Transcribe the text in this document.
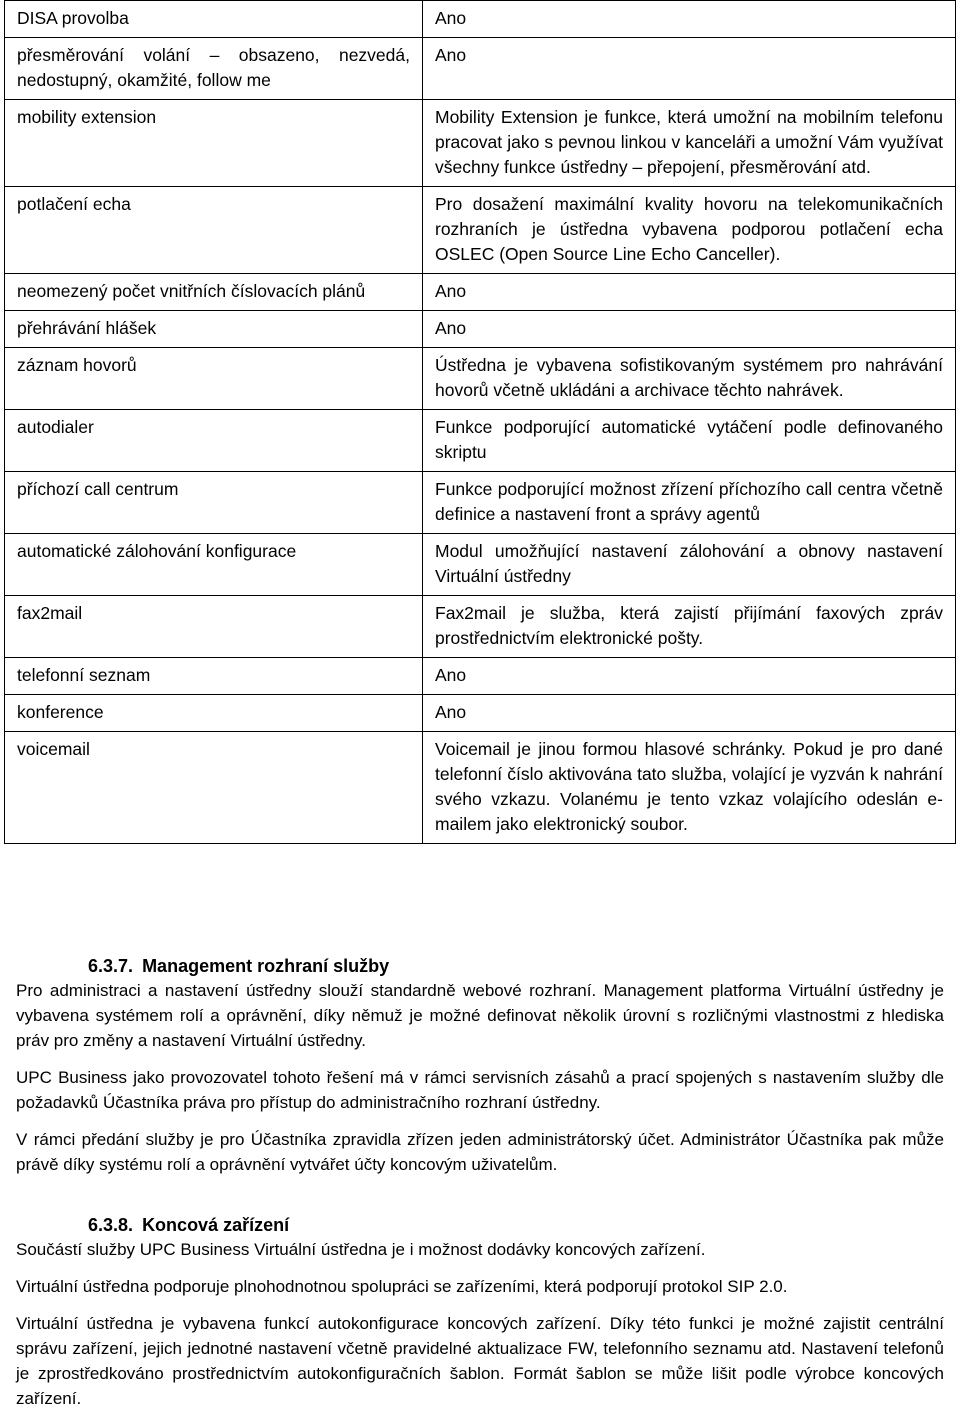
DISA provolba	Ano
přesměrování volání – obsazeno, nezvedá, nedostupný, okamžité, follow me	Ano
mobility extension	Mobility Extension je funkce, která umožní na mobilním telefonu pracovat jako s pevnou linkou v kanceláři a umožní Vám využívat všechny funkce ústředny – přepojení, přesměrování atd.
potlačení echa	Pro dosažení maximální kvality hovoru na telekomunikačních rozhraních je ústředna vybavena podporou potlačení echa OSLEC (Open Source Line Echo Canceller).
neomezený počet vnitřních číslovacích plánů	Ano
přehrávání hlášek	Ano
záznam hovorů	Ústředna je vybavena sofistikovaným systémem pro nahrávání hovorů včetně ukládáni a archivace těchto nahrávek.
autodialer	Funkce podporující automatické vytáčení podle definovaného skriptu
příchozí call centrum	Funkce podporující možnost zřízení příchozího call centra včetně definice a nastavení front a správy agentů
automatické zálohování konfigurace	Modul umožňující nastavení zálohování a obnovy nastavení Virtuální ústředny
fax2mail	Fax2mail je služba, která zajistí přijímání faxových zpráv prostřednictvím elektronické pošty.
telefonní seznam	Ano
konference	Ano
voicemail	Voicemail je jinou formou hlasové schránky. Pokud je pro dané telefonní číslo aktivována tato služba, volající je vyzván k nahrání svého vzkazu. Volanému je tento vzkaz volajícího odeslán e-mailem jako elektronický soubor.
6.3.7. Management rozhraní služby

Pro administraci a nastavení ústředny slouží standardně webové rozhraní. Management platforma Virtuální ústředny je vybavena systémem rolí a oprávnění, díky němuž je možné definovat několik úrovní s rozličnými vlastnostmi z hlediska práv pro změny a nastavení Virtuální ústředny.

UPC Business jako provozovatel tohoto řešení má v rámci servisních zásahů a prací spojených s nastavením služby dle požadavků Účastníka práva pro přístup do administračního rozhraní ústředny.

V rámci předání služby je pro Účastníka zpravidla zřízen jeden administrátorský účet. Administrátor Účastníka pak může právě díky systému rolí a oprávnění vytvářet účty koncovým uživatelům.

6.3.8. Koncová zařízení

Součástí služby UPC Business Virtuální ústředna je i možnost dodávky koncových zařízení.

Virtuální ústředna podporuje plnohodnotnou spolupráci se zařízeními, která podporují protokol SIP 2.0.

Virtuální ústředna je vybavena funkcí autokonfigurace koncových zařízení. Díky této funkci je možné zajistit centrální správu zařízení, jejich jednotné nastavení včetně pravidelné aktualizace FW, telefonního seznamu atd. Nastavení telefonů je zprostředkováno prostřednictvím autokonfiguračních šablon. Formát šablon se může lišit podle výrobce koncových zařízení.
